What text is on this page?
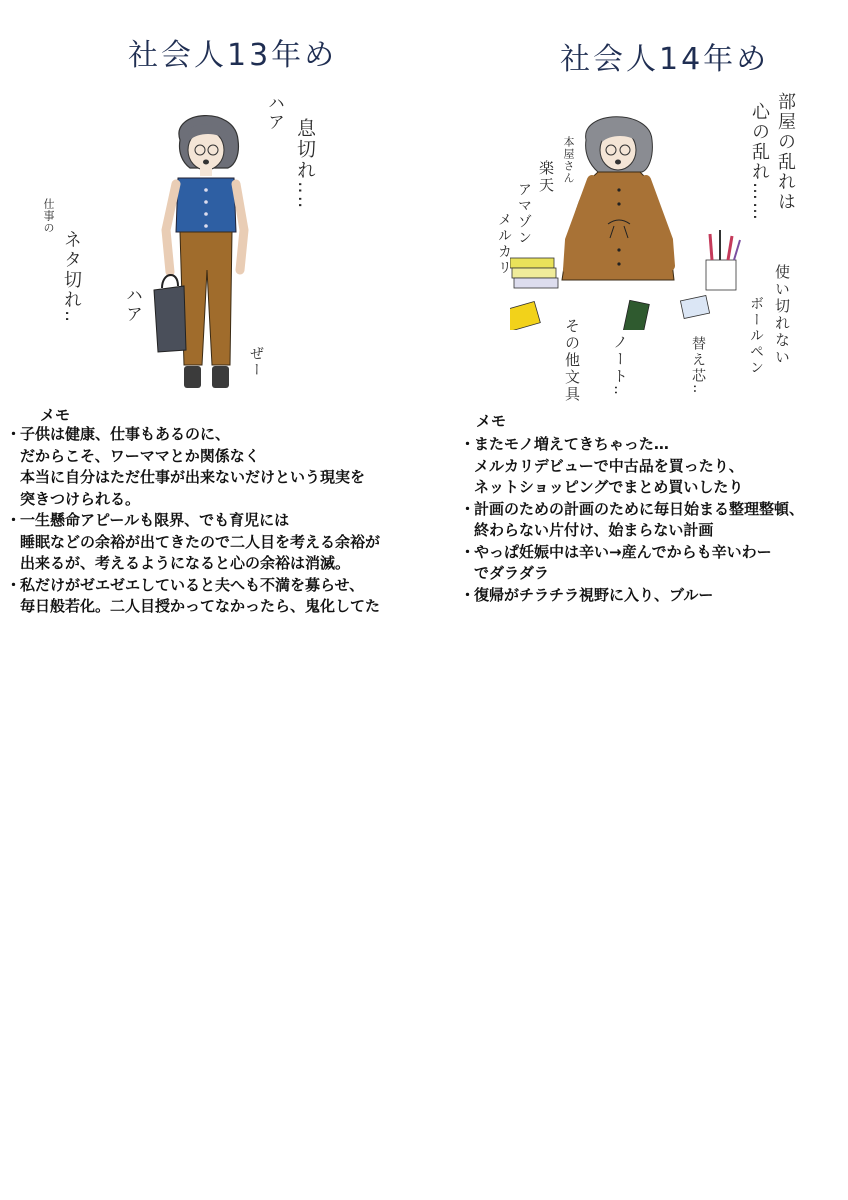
社会人13年め
ハア
息切れ‥‥
ハア
仕事の
ネタ切れ‥
ぜー
メモ
・
子供は健康、仕事もあるのに、
だからこそ、ワーママとか関係なく
本当に自分はただ仕事が出来ないだけという現実を
突きつけられる。
・
一生懸命アピールも限界、でも育児には
睡眠などの余裕が出てきたので二人目を考える余裕が
出来るが、考えるようになると心の余裕は消滅。
・
私だけがゼエゼエしていると夫へも不満を募らせ、
毎日般若化。二人目授かってなかったら、鬼化してた
社会人14年め
部屋の乱れは
心の乱れ……
本屋さん
楽天
アマゾン
メルカリ
使い切れない
ボールペン
替え芯‥
ノート‥
その他文具
メモ
・
またモノ増えてきちゃった…
メルカリデビューで中古品を買ったり、
ネットショッピングでまとめ買いしたり
・
計画のための計画のために毎日始まる整理整頓、
終わらない片付け、始まらない計画
・
やっぱ妊娠中は辛い→産んでからも辛いわー
でダラダラ
・
復帰がチラチラ視野に入り、ブルー
